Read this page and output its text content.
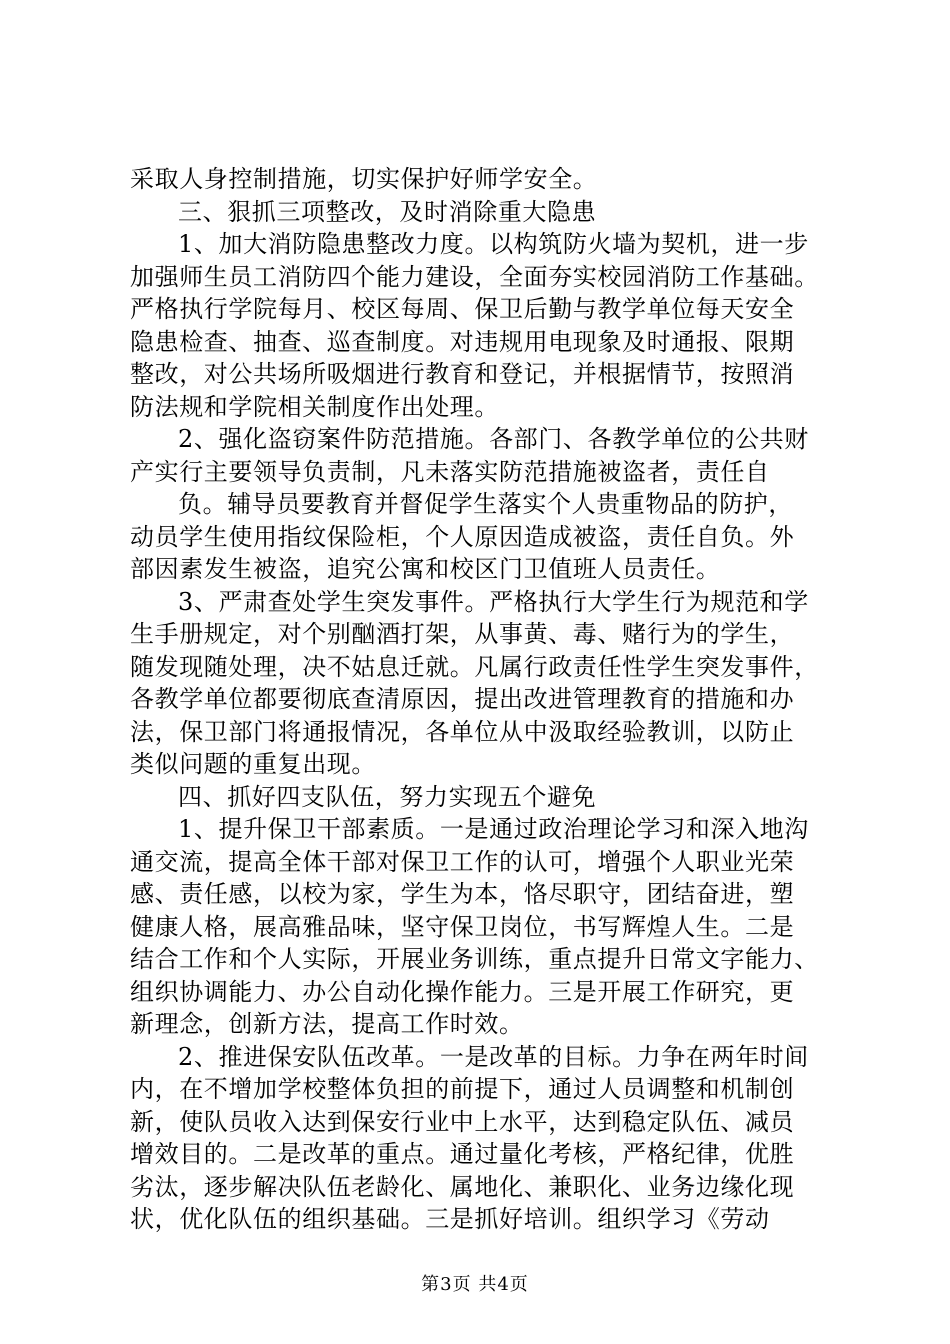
采取人身控制措施，切实保护好师学安全。
三、狠抓三项整改，及时消除重大隐患
1、加大消防隐患整改力度。以构筑防火墙为契机，进一步
加强师生员工消防四个能力建设，全面夯实校园消防工作基础。
严格执行学院每月、校区每周、保卫后勤与教学单位每天安全
隐患检查、抽查、巡查制度。对违规用电现象及时通报、限期
整改，对公共场所吸烟进行教育和登记，并根据情节，按照消
防法规和学院相关制度作出处理。
2、强化盗窃案件防范措施。各部门、各教学单位的公共财
产实行主要领导负责制，凡未落实防范措施被盗者，责任自
负。辅导员要教育并督促学生落实个人贵重物品的防护，
动员学生使用指纹保险柜，个人原因造成被盗，责任自负。外
部因素发生被盗，追究公寓和校区门卫值班人员责任。
3、严肃查处学生突发事件。严格执行大学生行为规范和学
生手册规定，对个别酗酒打架，从事黄、毒、赌行为的学生，
随发现随处理，决不姑息迁就。凡属行政责任性学生突发事件，
各教学单位都要彻底查清原因，提出改进管理教育的措施和办
法，保卫部门将通报情况，各单位从中汲取经验教训，以防止
类似问题的重复出现。
四、抓好四支队伍，努力实现五个避免
1、提升保卫干部素质。一是通过政治理论学习和深入地沟
通交流，提高全体干部对保卫工作的认可，增强个人职业光荣
感、责任感，以校为家，学生为本，恪尽职守，团结奋进，塑
健康人格，展高雅品味，坚守保卫岗位，书写辉煌人生。二是
结合工作和个人实际，开展业务训练，重点提升日常文字能力、
组织协调能力、办公自动化操作能力。三是开展工作研究，更
新理念，创新方法，提高工作时效。
2、推进保安队伍改革。一是改革的目标。力争在两年时间
内，在不增加学校整体负担的前提下，通过人员调整和机制创
新，使队员收入达到保安行业中上水平，达到稳定队伍、减员
增效目的。二是改革的重点。通过量化考核，严格纪律，优胜
劣汰，逐步解决队伍老龄化、属地化、兼职化、业务边缘化现
状，优化队伍的组织基础。三是抓好培训。组织学习《劳动
第3页 共4页
